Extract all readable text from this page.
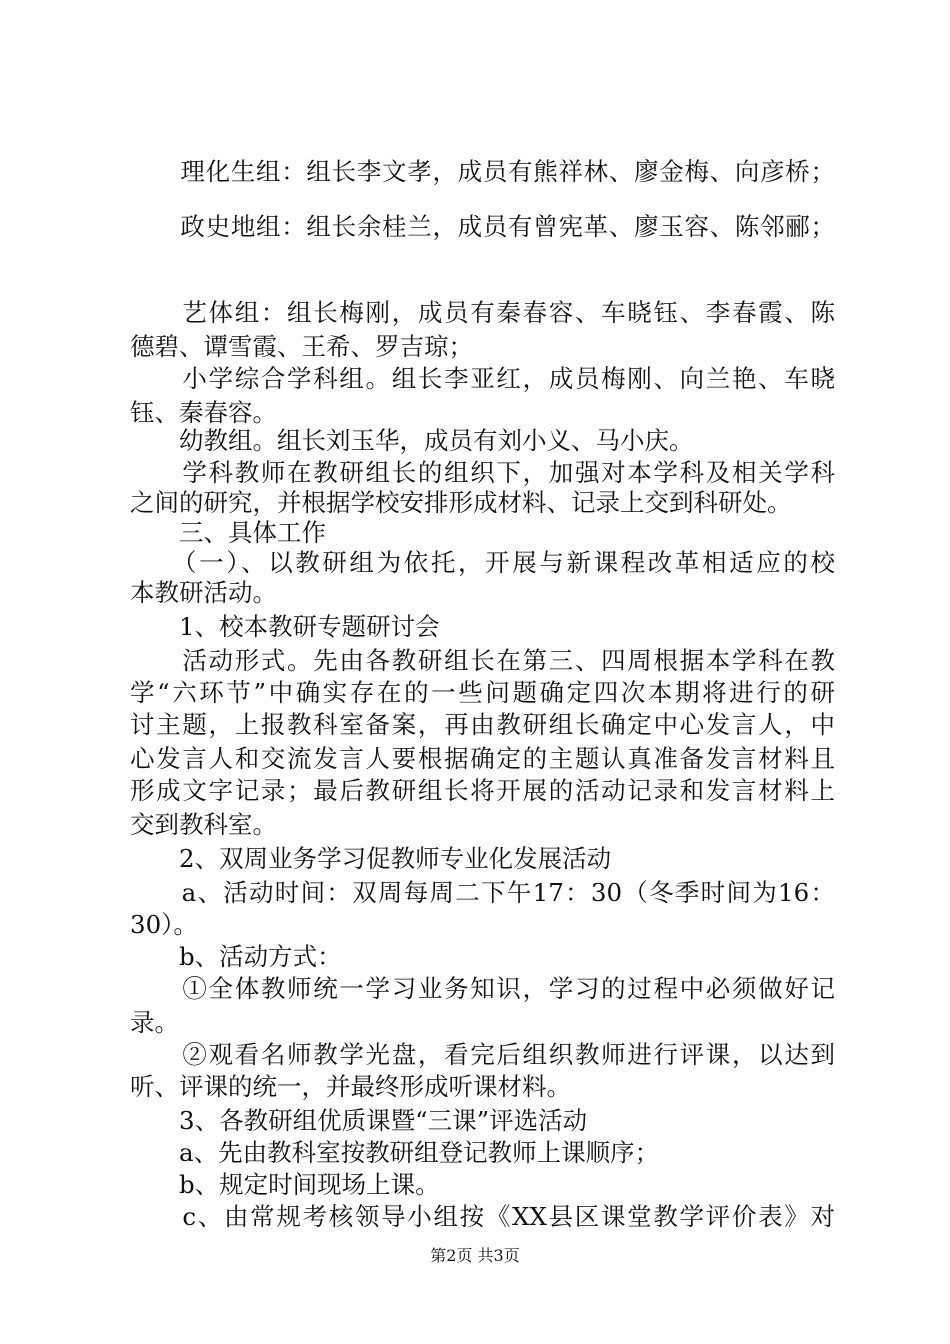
　　理化生组：组长李文孝，成员有熊祥林、廖金梅、向彦桥；
　　政史地组：组长余桂兰，成员有曾宪革、廖玉容、陈邻郦；
　　艺体组：组长梅刚，成员有秦春容、车晓钰、李春霞、陈
德碧、谭雪霞、王希、罗吉琼；
　　小学综合学科组。组长李亚红，成员梅刚、向兰艳、车晓
钰、秦春容。
　　幼教组。组长刘玉华，成员有刘小义、马小庆。
　　学科教师在教研组长的组织下，加强对本学科及相关学科
之间的研究，并根据学校安排形成材料、记录上交到科研处。
　　三、具体工作
　　（一）、以教研组为依托，开展与新课程改革相适应的校
本教研活动。
　　1、校本教研专题研讨会
　　活动形式。先由各教研组长在第三、四周根据本学科在教
学“六环节”中确实存在的一些问题确定四次本期将进行的研
讨主题，上报教科室备案，再由教研组长确定中心发言人，中
心发言人和交流发言人要根据确定的主题认真准备发言材料且
形成文字记录；最后教研组长将开展的活动记录和发言材料上
交到教科室。
　　2、双周业务学习促教师专业化发展活动
　　a、活动时间：双周每周二下午17：30（冬季时间为16：
30）。
　　b、活动方式：
　　①全体教师统一学习业务知识，学习的过程中必须做好记
录。
　　②观看名师教学光盘，看完后组织教师进行评课，以达到
听、评课的统一，并最终形成听课材料。
　　3、各教研组优质课暨“三课”评选活动
　　a、先由教科室按教研组登记教师上课顺序；
　　b、规定时间现场上课。
　　c、由常规考核领导小组按《XX县区课堂教学评价表》对
第2页 共3页
